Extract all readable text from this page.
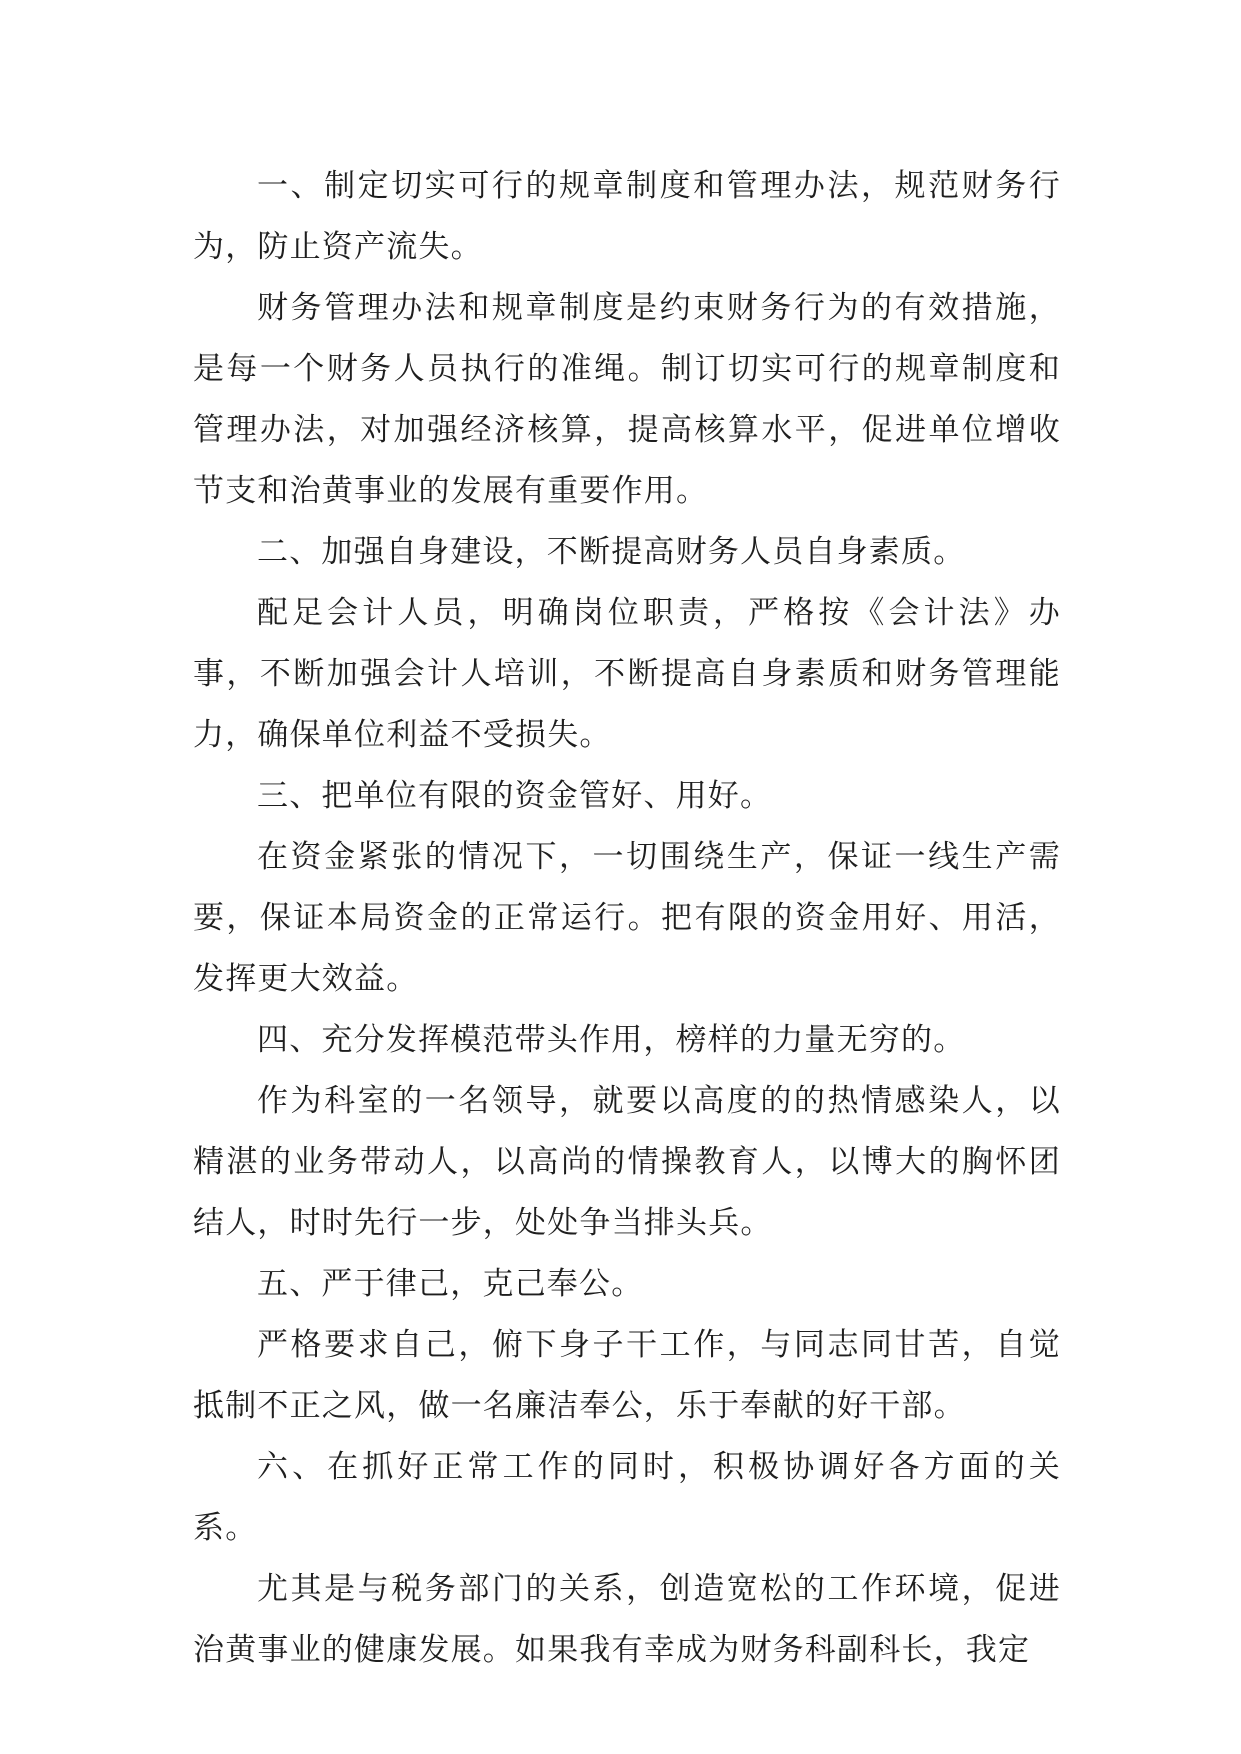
一、制定切实可行的规章制度和管理办法，规范财务行为，防止资产流失。

财务管理办法和规章制度是约束财务行为的有效措施，是每一个财务人员执行的准绳。制订切实可行的规章制度和管理办法，对加强经济核算，提高核算水平，促进单位增收节支和治黄事业的发展有重要作用。

二、加强自身建设，不断提高财务人员自身素质。

配足会计人员，明确岗位职责，严格按《会计法》办事，不断加强会计人培训，不断提高自身素质和财务管理能力，确保单位利益不受损失。

三、把单位有限的资金管好、用好。

在资金紧张的情况下，一切围绕生产，保证一线生产需要，保证本局资金的正常运行。把有限的资金用好、用活，发挥更大效益。

四、充分发挥模范带头作用，榜样的力量无穷的。

作为科室的一名领导，就要以高度的的热情感染人，以精湛的业务带动人，以高尚的情操教育人，以博大的胸怀团结人，时时先行一步，处处争当排头兵。

五、严于律己，克己奉公。

严格要求自己，俯下身子干工作，与同志同甘苦，自觉抵制不正之风，做一名廉洁奉公，乐于奉献的好干部。

六、在抓好正常工作的同时，积极协调好各方面的关系。

尤其是与税务部门的关系，创造宽松的工作环境，促进治黄事业的健康发展。如果我有幸成为财务科副科长，我定
